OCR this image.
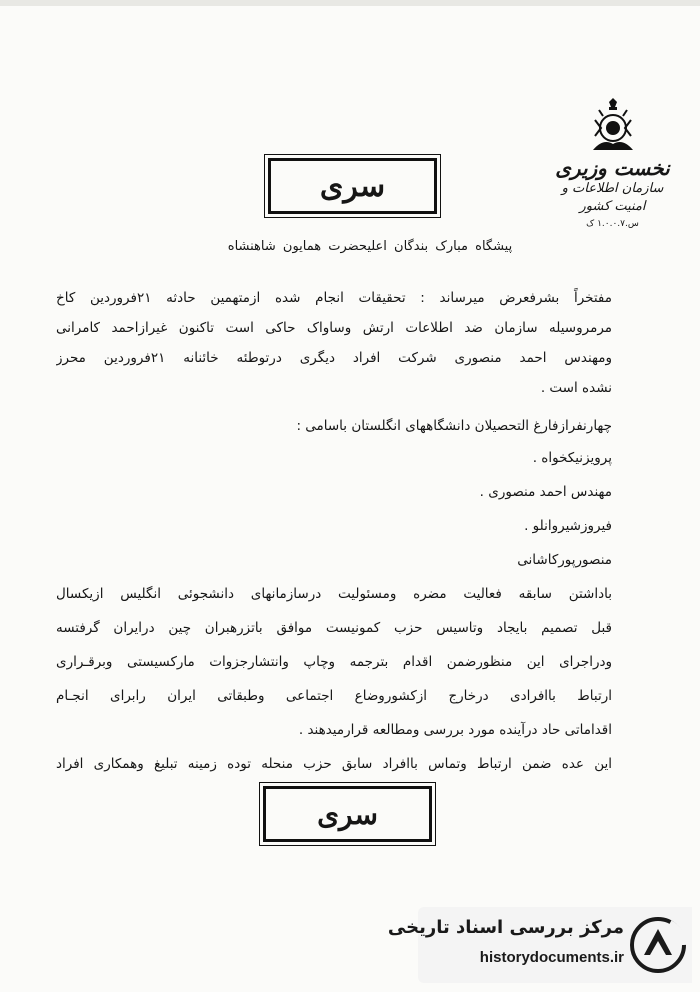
نخست وزیری
سازمان اطلاعات و امنیت کشور
س.۱.۰.۰.۷ ک
سری
پیشگاه مبارک بندگان اعلیحضرت همایون شاهنشاه
مفتخراً بشرفعرض میرساند : تحقیقات انجام شده ازمتهمین حادثه ۲۱فروردین کاخ
مرمروسیله سازمان ضد اطلاعات ارتش وساواک حاکی است تاکنون غیرازاحمد کامرانی
ومهندس احمد منصوری شرکت افراد دیگری درتوطئه خائنانه ۲۱فروردین محرز
نشده است .
چهارنفرازفارغ التحصیلان دانشگاههای انگلستان باسامی :
پرویزنیکخواه .
مهندس احمد منصوری .
فیروزشیروانلو .
منصورپورکاشانی
باداشتن سابقه فعالیت مضره ومسئولیت درسازمانهای دانشجوئی انگلیس ازیکسال
قبل تصمیم بایجاد وتاسیس حزب کمونیست موافق باتزرهبران چین درایران گرفتسه
ودراجرای این منظورضمن اقدام بترجمه وچاپ وانتشارجزوات مارکسیستی وبرقـراری
ارتباط باافرادی درخارج ازکشوروضاع اجتماعی وطبقاتی ایران رابرای انجـام
اقداماتی حاد درآینده مورد بررسی ومطالعه قرارمیدهند .
این عده ضمن ارتباط وتماس باافراد سابق حزب منحله توده زمینه تبلیغ وهمکاری افراد
سری
مرکز بررسی اسناد تاریخی
historydocuments.ir
